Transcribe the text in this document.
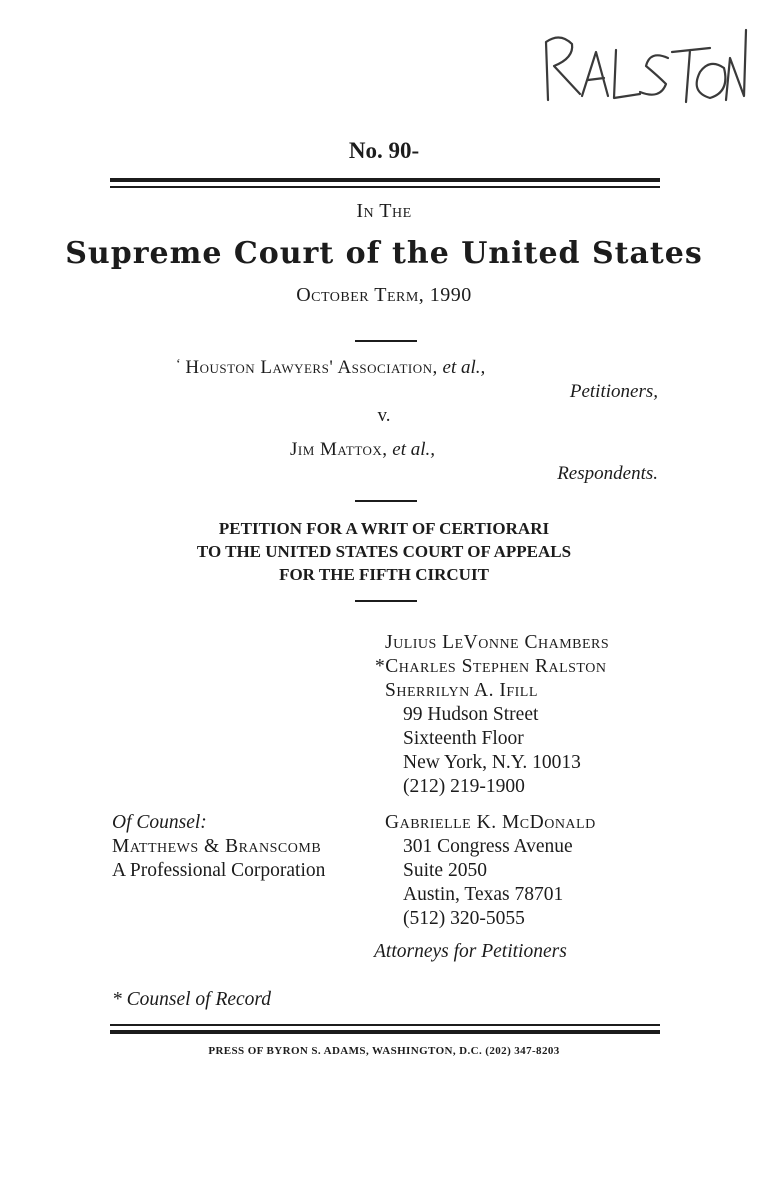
No. 90-
In The
Supreme Court of the United States
October Term, 1990
‘ Houston Lawyers' Association, et al.,
Petitioners,
v.
Jim Mattox, et al.,
Respondents.
PETITION FOR A WRIT OF CERTIORARI
TO THE UNITED STATES COURT OF APPEALS
FOR THE FIFTH CIRCUIT
Julius LeVonne Chambers
*Charles Stephen Ralston
Sherrilyn A. Ifill
99 Hudson Street
Sixteenth Floor
New York, N.Y. 10013
(212) 219-1900
Of Counsel:
Matthews & Branscomb
A Professional Corporation
Gabrielle K. McDonald
301 Congress Avenue
Suite 2050
Austin, Texas 78701
(512) 320-5055
Attorneys for Petitioners
* Counsel of Record
PRESS OF BYRON S. ADAMS, WASHINGTON, D.C. (202) 347-8203
